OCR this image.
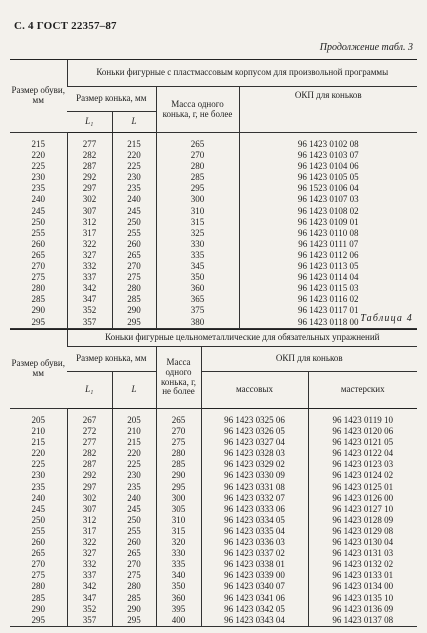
С. 4 ГОСТ 22357–87
Продолжение табл. 3
Размер обуви, мм	Коньки фигурные с пластмассовым корпусом для произвольной программы			
	Размер конька, мм		Масса одного конька, г, не более	ОКП для коньков
	L₁	L		
215	277	215	265	96 1423 0102 08
220	282	220	270	96 1423 0103 07
225	287	225	280	96 1423 0104 06
230	292	230	285	96 1423 0105 05
235	297	235	295	96 1523 0106 04
240	302	240	300	96 1423 0107 03
245	307	245	310	96 1423 0108 02
250	312	250	315	96 1423 0109 01
255	317	255	325	96 1423 0110 08
260	322	260	330	96 1423 0111 07
265	327	265	335	96 1423 0112 06
270	332	270	345	96 1423 0113 05
275	337	275	350	96 1423 0114 04
280	342	280	360	96 1423 0115 03
285	347	285	365	96 1423 0116 02
290	352	290	375	96 1423 0117 01
295	357	295	380	96 1423 0118 00 Таблица 4
Размер обуви, мм	Коньки фигурные цельнометаллические для обязательных упражнений				
	Размер конька, мм		Масса одного конька, г, не более	ОКП для коньков	
	L₁	L		массовых	мастерских
205	267	205	265	96 1423 0325 06	96 1423 0119 10
210	272	210	270	96 1423 0326 05	96 1423 0120 06
215	277	215	275	96 1423 0327 04	96 1423 0121 05
220	282	220	280	96 1423 0328 03	96 1423 0122 04
225	287	225	285	96 1423 0329 02	96 1423 0123 03
230	292	230	290	96 1423 0330 09	96 1423 0124 02
235	297	235	295	96 1423 0331 08	96 1423 0125 01
240	302	240	300	96 1423 0332 07	96 1423 0126 00
245	307	245	305	96 1423 0333 06	96 1423 0127 10
250	312	250	310	96 1423 0334 05	96 1423 0128 09
255	317	255	315	96 1423 0335 04	96 1423 0129 08
260	322	260	320	96 1423 0336 03	96 1423 0130 04
265	327	265	330	96 1423 0337 02	96 1423 0131 03
270	332	270	335	96 1423 0338 01	96 1423 0132 02
275	337	275	340	96 1423 0339 00	96 1423 0133 01
280	342	280	350	96 1423 0340 07	96 1423 0134 00
285	347	285	360	96 1423 0341 06	96 1423 0135 10
290	352	290	395	96 1423 0342 05	96 1423 0136 09
295	357	295	400	96 1423 0343 04	96 1423 0137 08
